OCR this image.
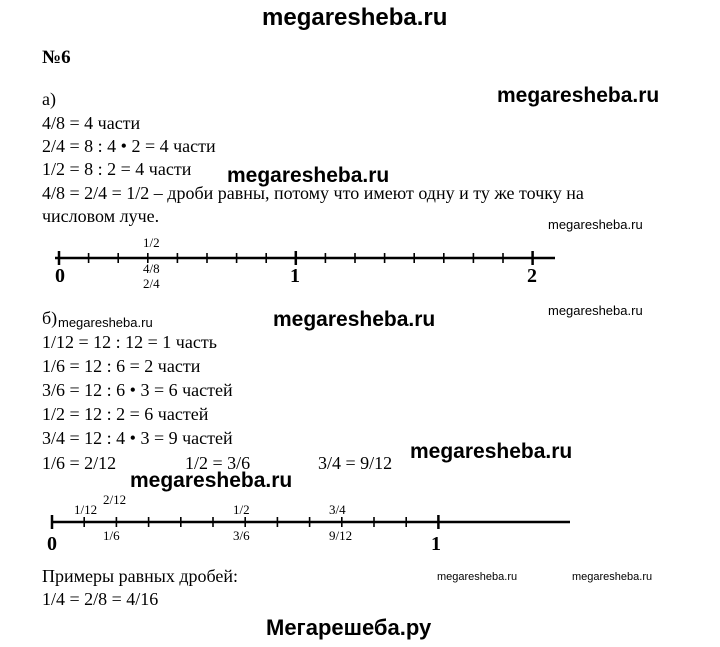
megaresheba.ru
№6
а)	megaresheba.ru
4/8 = 4 части
2/4 = 8 : 4 • 2 = 4 части
1/2 = 8 : 2 = 4 части megaresheba.ru
4/8 = 2/4 = 1/2 – дроби равны, потому что имеют одну и ту же точку на
числовом луче.	megaresheba.ru
1/2
4/8
2/4
0	1	2
megaresheba.ru
б) megaresheba.ru	megaresheba.ru
1/12 = 12 : 12 = 1 часть
1/6 = 12 : 6 = 2 части
3/6 = 12 : 6 • 3 = 6 частей
1/2 = 12 : 2 = 6 частей
3/4 = 12 : 4 • 3 = 9 частей
megaresheba.ru
1/6 = 2/12	1/2 = 3/6	3/4 = 9/12
megaresheba.ru
1/12
2/12
1/2	3/4
1/6	3/6	9/12
0	1
Примеры равных дробей:	megaresheba.ru	megaresheba.ru
1/4 = 2/8 = 4/16
Мегарешеба.ру
